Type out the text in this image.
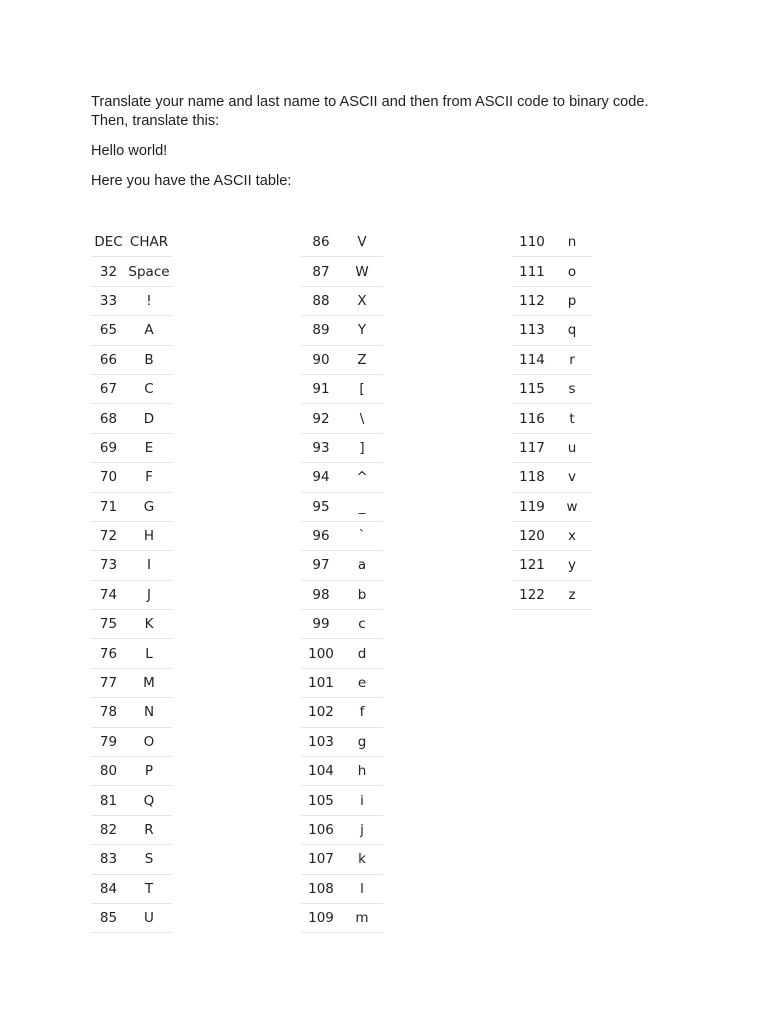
Translate your name and last name to ASCII and then from ASCII code to binary code.

Then, translate this:

Hello world!

Here you have the ASCII table:

DEC CHAR
32 Space
33	!
65	A
66	B
67	C
68	D
69	E
70	F
71	G
72	H
73	I
74	J
75	K
76	L
77	M
78	N
79	O
80	P
81	Q
82	R
83	S
84	T
85	U
86	V
87	W
88	X
89	Y
90	Z
91	[
92	\
93	]
94	^
95	_
96	`
97	a
98	b
99	c
100	d
101	e
102	f
103	g
104	h
105	i
106	j
107	k
108	l
109	m
110	n
111	o
112	p
113	q
114	r
115	s
116	t
117	u
118	v
119	w
120	x
121	y
122	z
